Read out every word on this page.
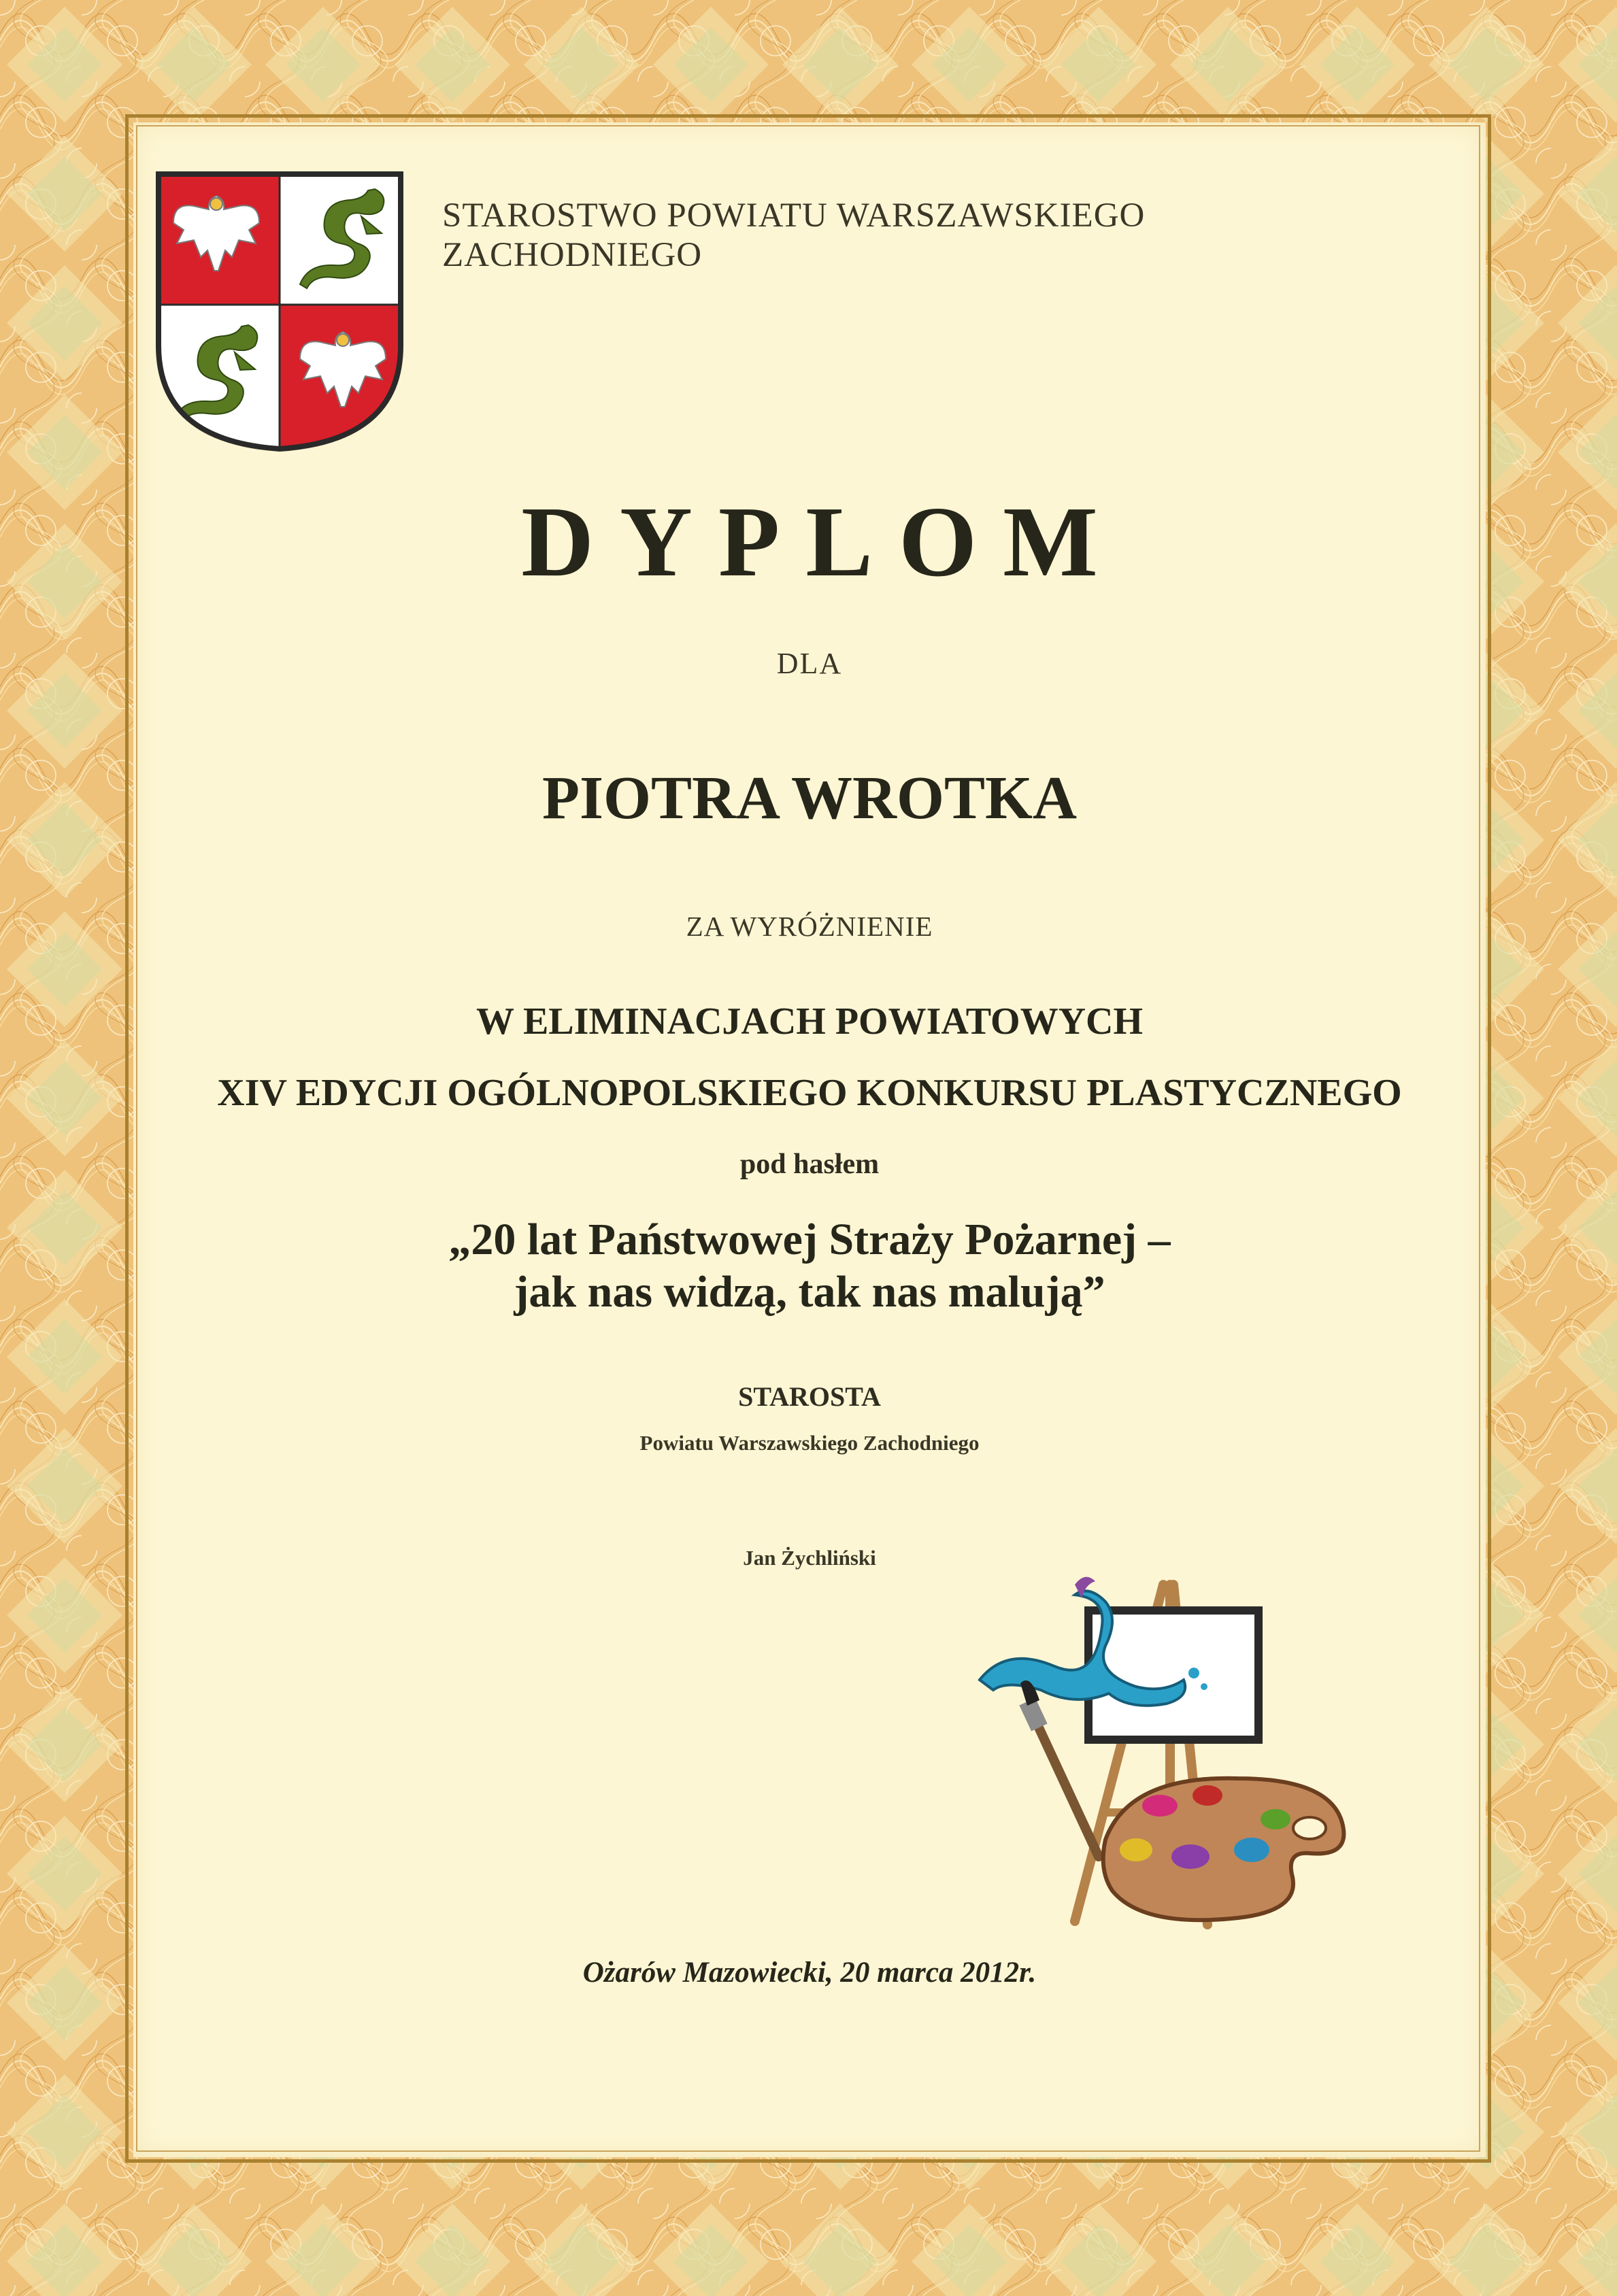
STAROSTWO POWIATU WARSZAWSKIEGO ZACHODNIEGO
DYPLOM
DLA
PIOTRA WROTKA
ZA WYRÓŻNIENIE
W ELIMINACJACH POWIATOWYCH
XIV EDYCJI OGÓLNOPOLSKIEGO KONKURSU PLASTYCZNEGO
pod hasłem
„20 lat Państwowej Straży Pożarnej –
jak nas widzą, tak nas malują”
STAROSTA
Powiatu Warszawskiego Zachodniego
Jan Żychliński
Ożarów Mazowiecki, 20 marca 2012r.
